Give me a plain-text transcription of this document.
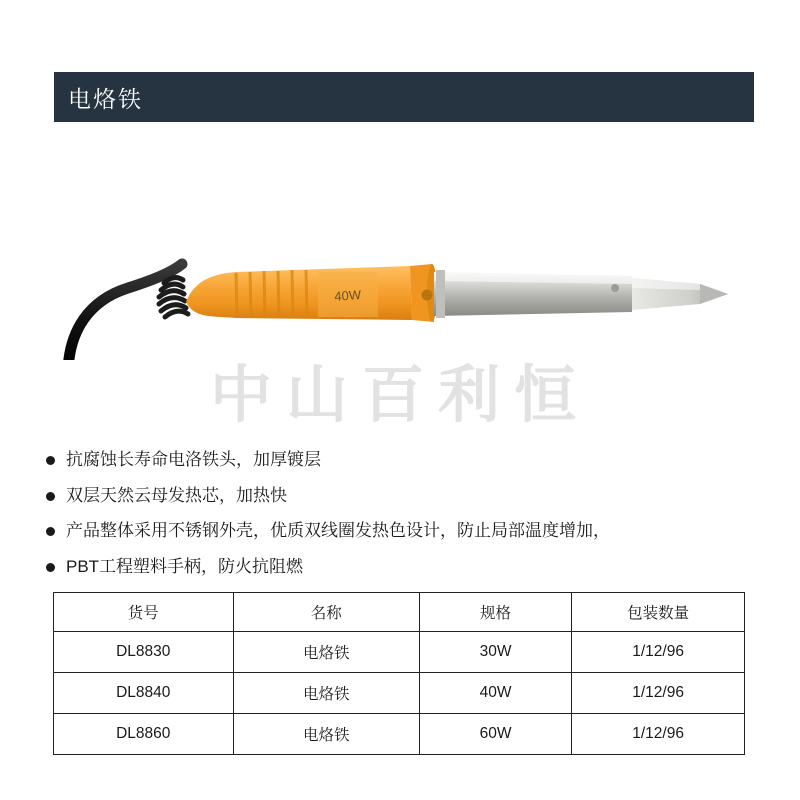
电烙铁
40W
中山百利恒
抗腐蚀长寿命电洛铁头，加厚镀层
双层天然云母发热芯，加热快
产品整体采用不锈钢外壳，优质双线圈发热色设计，防止局部温度增加，
PBT工程塑料手柄，防火抗阻燃
货号	名称	规格	包装数量
DL8830	电烙铁	30W	1/12/96
DL8840	电烙铁	40W	1/12/96
DL8860	电烙铁	60W	1/12/96
